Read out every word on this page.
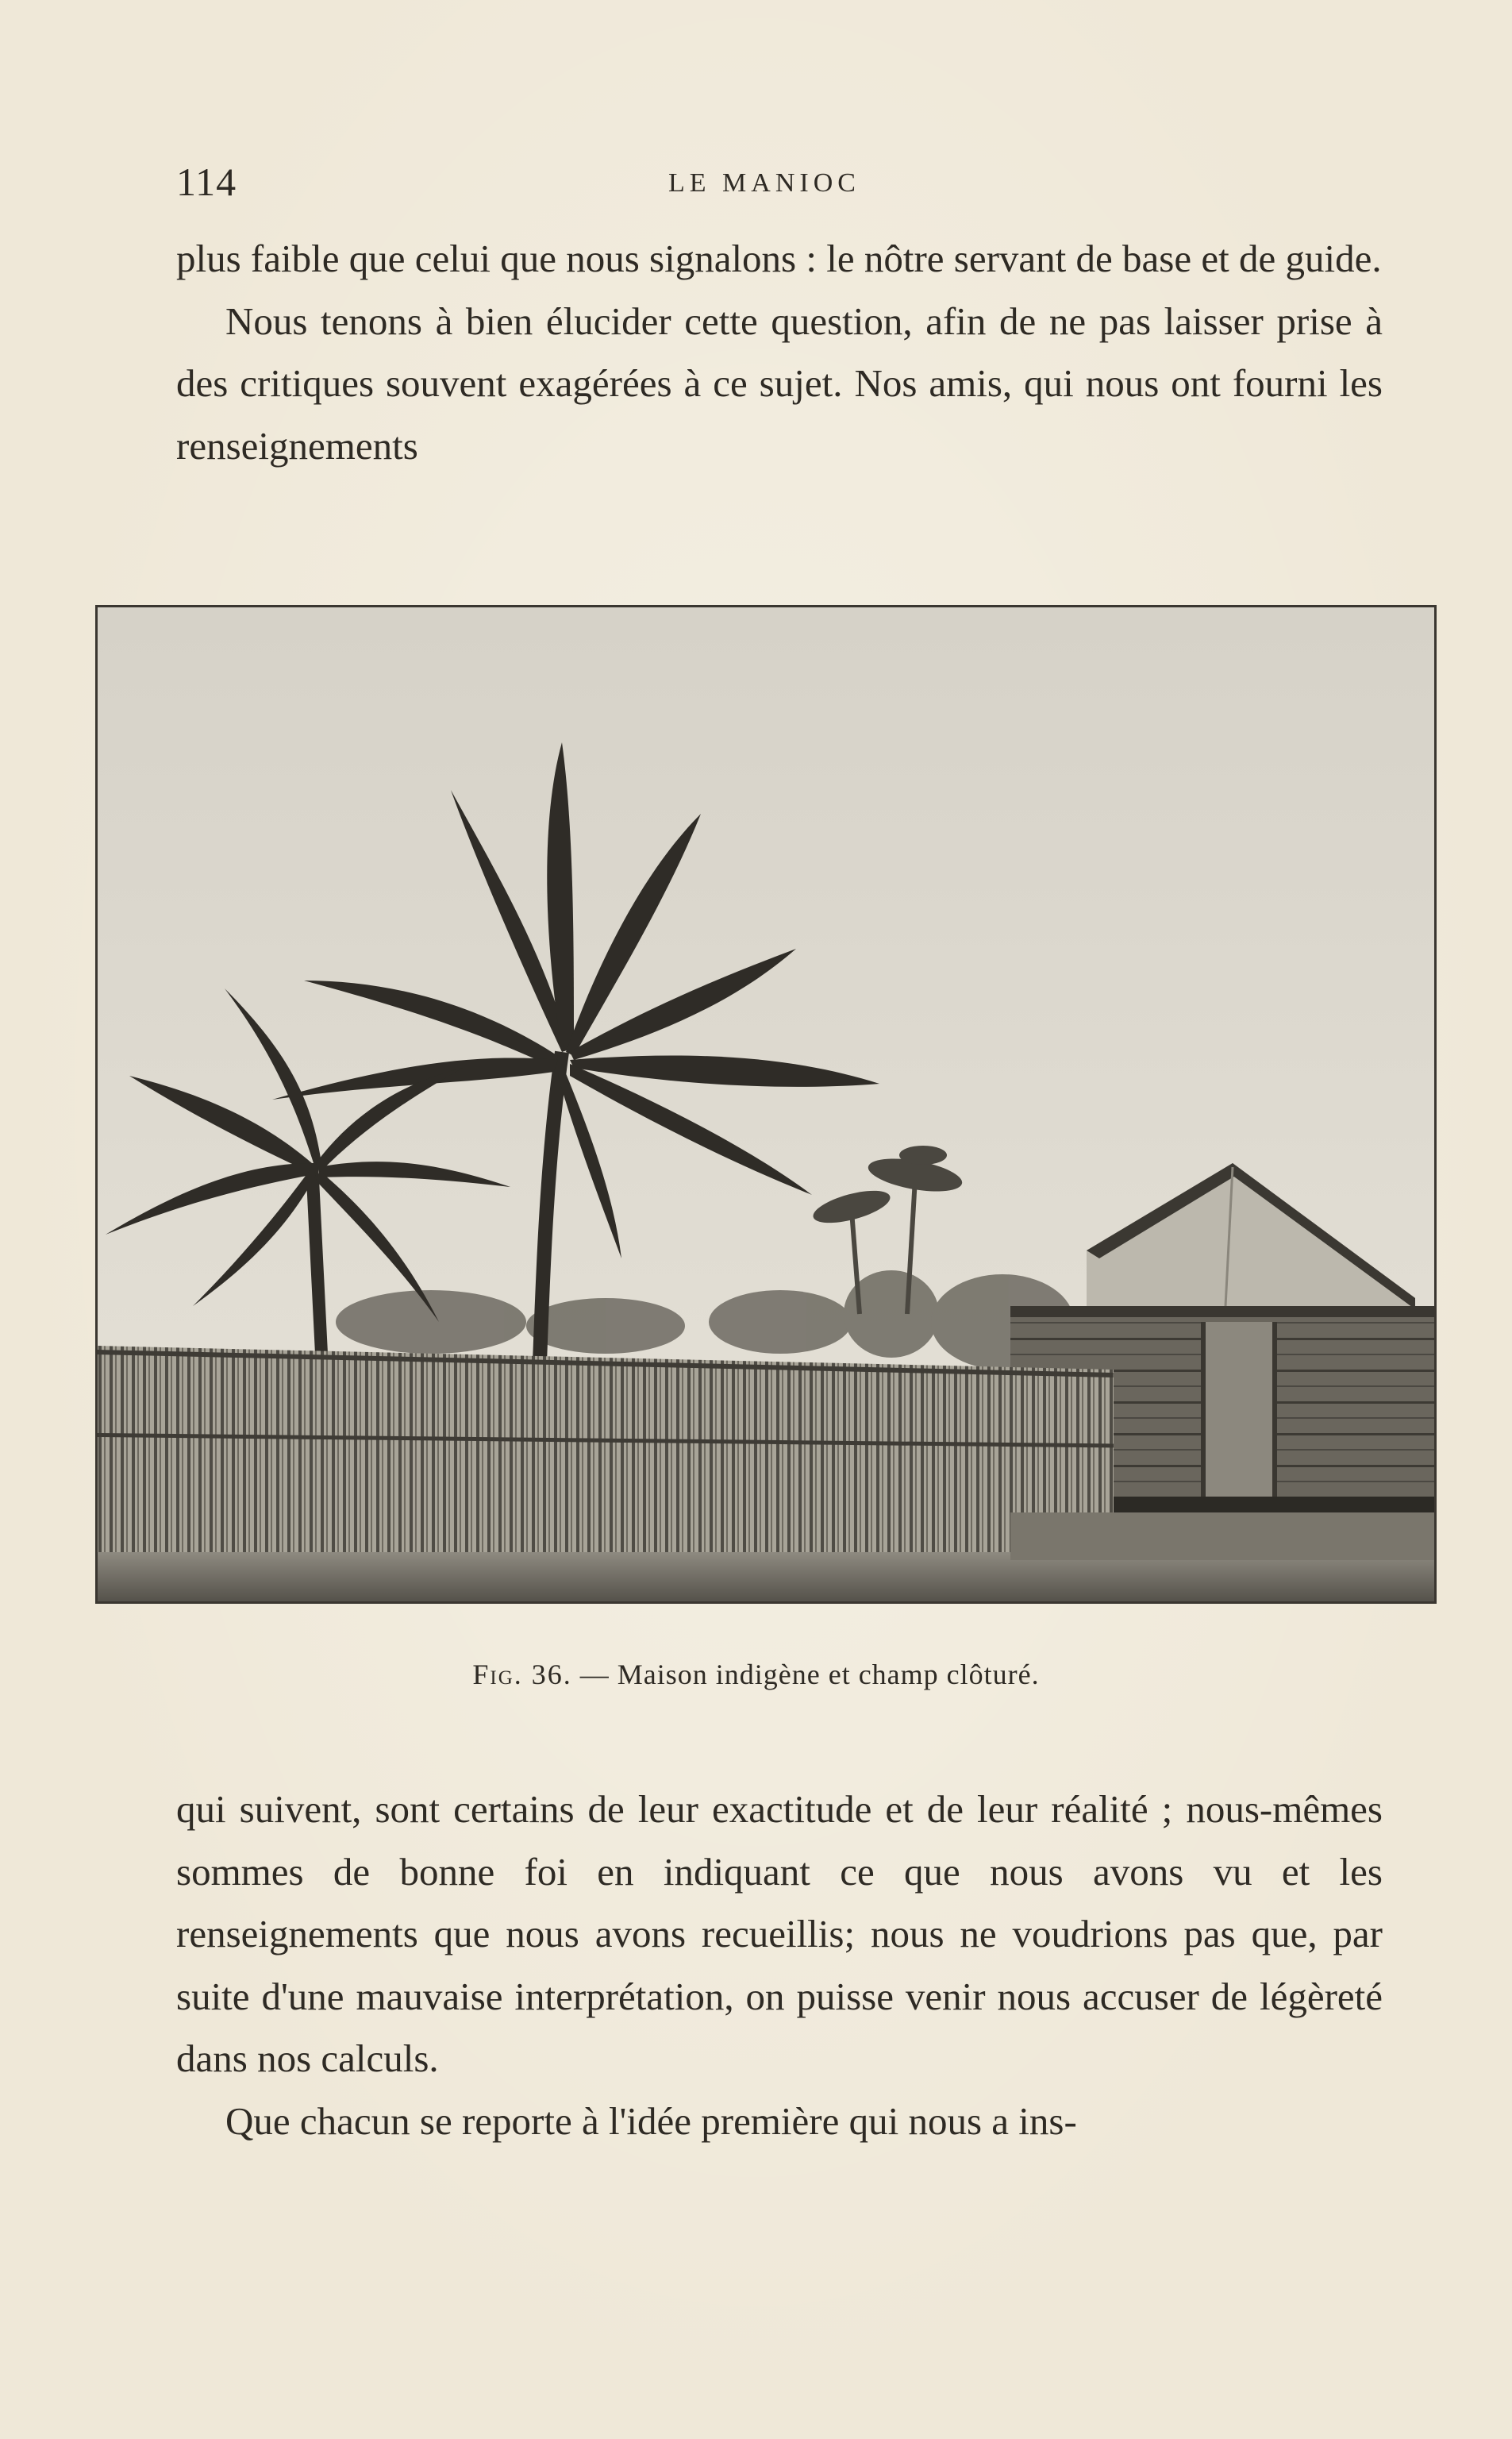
114	LE MANIOC

plus faible que celui que nous signalons : le nôtre servant de base et de guide.

Nous tenons à bien élucider cette question, afin de ne pas laisser prise à des critiques souvent exagérées à ce sujet. Nos amis, qui nous ont fourni les renseignements

Fig. 36. — Maison indigène et champ clôturé.

qui suivent, sont certains de leur exactitude et de leur réalité ; nous-mêmes sommes de bonne foi en indiquant ce que nous avons vu et les renseignements que nous avons recueillis; nous ne voudrions pas que, par suite d'une mauvaise interprétation, on puisse venir nous accuser de légèreté dans nos calculs.

Que chacun se reporte à l'idée première qui nous a ins-
